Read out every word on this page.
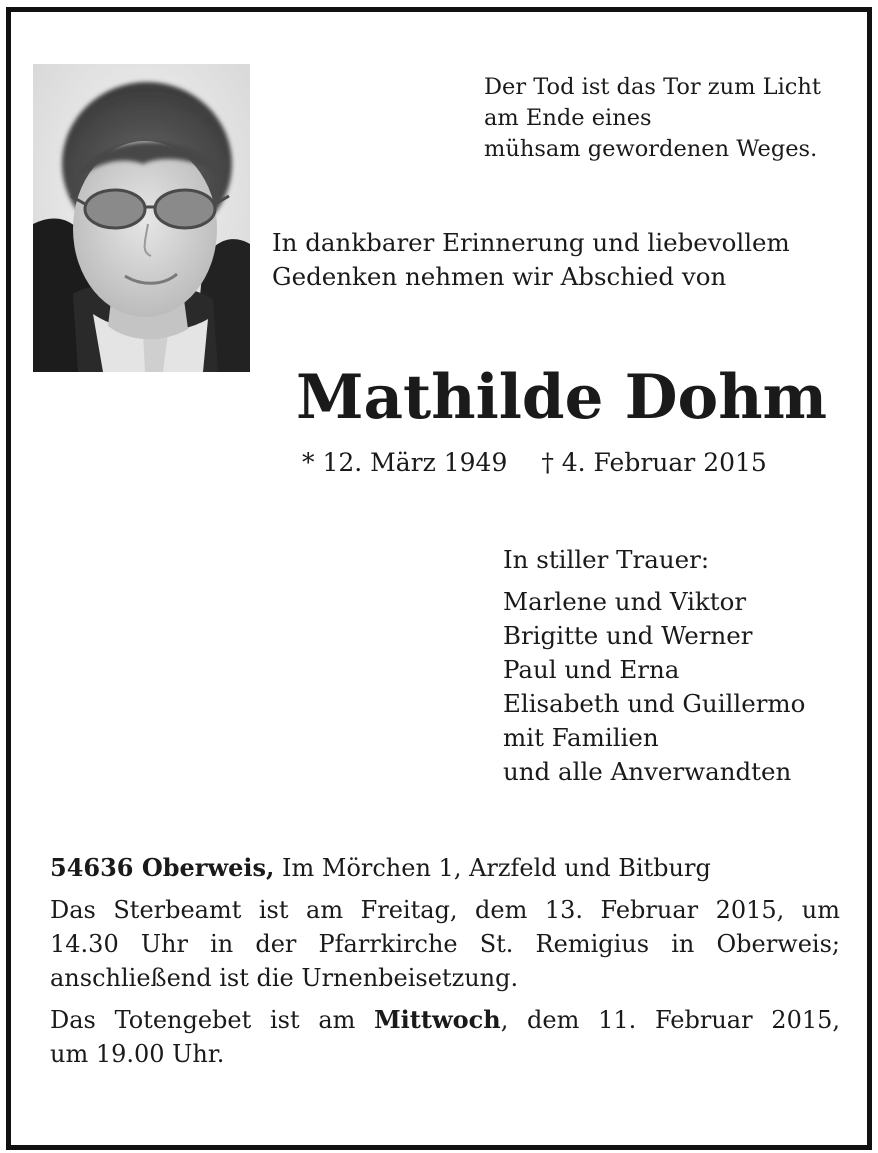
Der Tod ist das Tor zum Licht
am Ende eines
mühsam gewordenen Weges.
In dankbarer Erinnerung und liebevollem
Gedenken nehmen wir Abschied von
Mathilde Dohm
* 12. März 1949 † 4. Februar 2015
In stiller Trauer:
Marlene und Viktor
Brigitte und Werner
Paul und Erna
Elisabeth und Guillermo
mit Familien
und alle Anverwandten

54636 Oberweis, Im Mörchen 1, Arzfeld und Bitburg

Das Sterbeamt ist am Freitag, dem 13. Februar 2015, um
14.30 Uhr in der Pfarrkirche St. Remigius in Oberweis;
anschließend ist die Urnenbeisetzung.

Das Totengebet ist am Mittwoch, dem 11. Februar 2015,
um 19.00 Uhr.
